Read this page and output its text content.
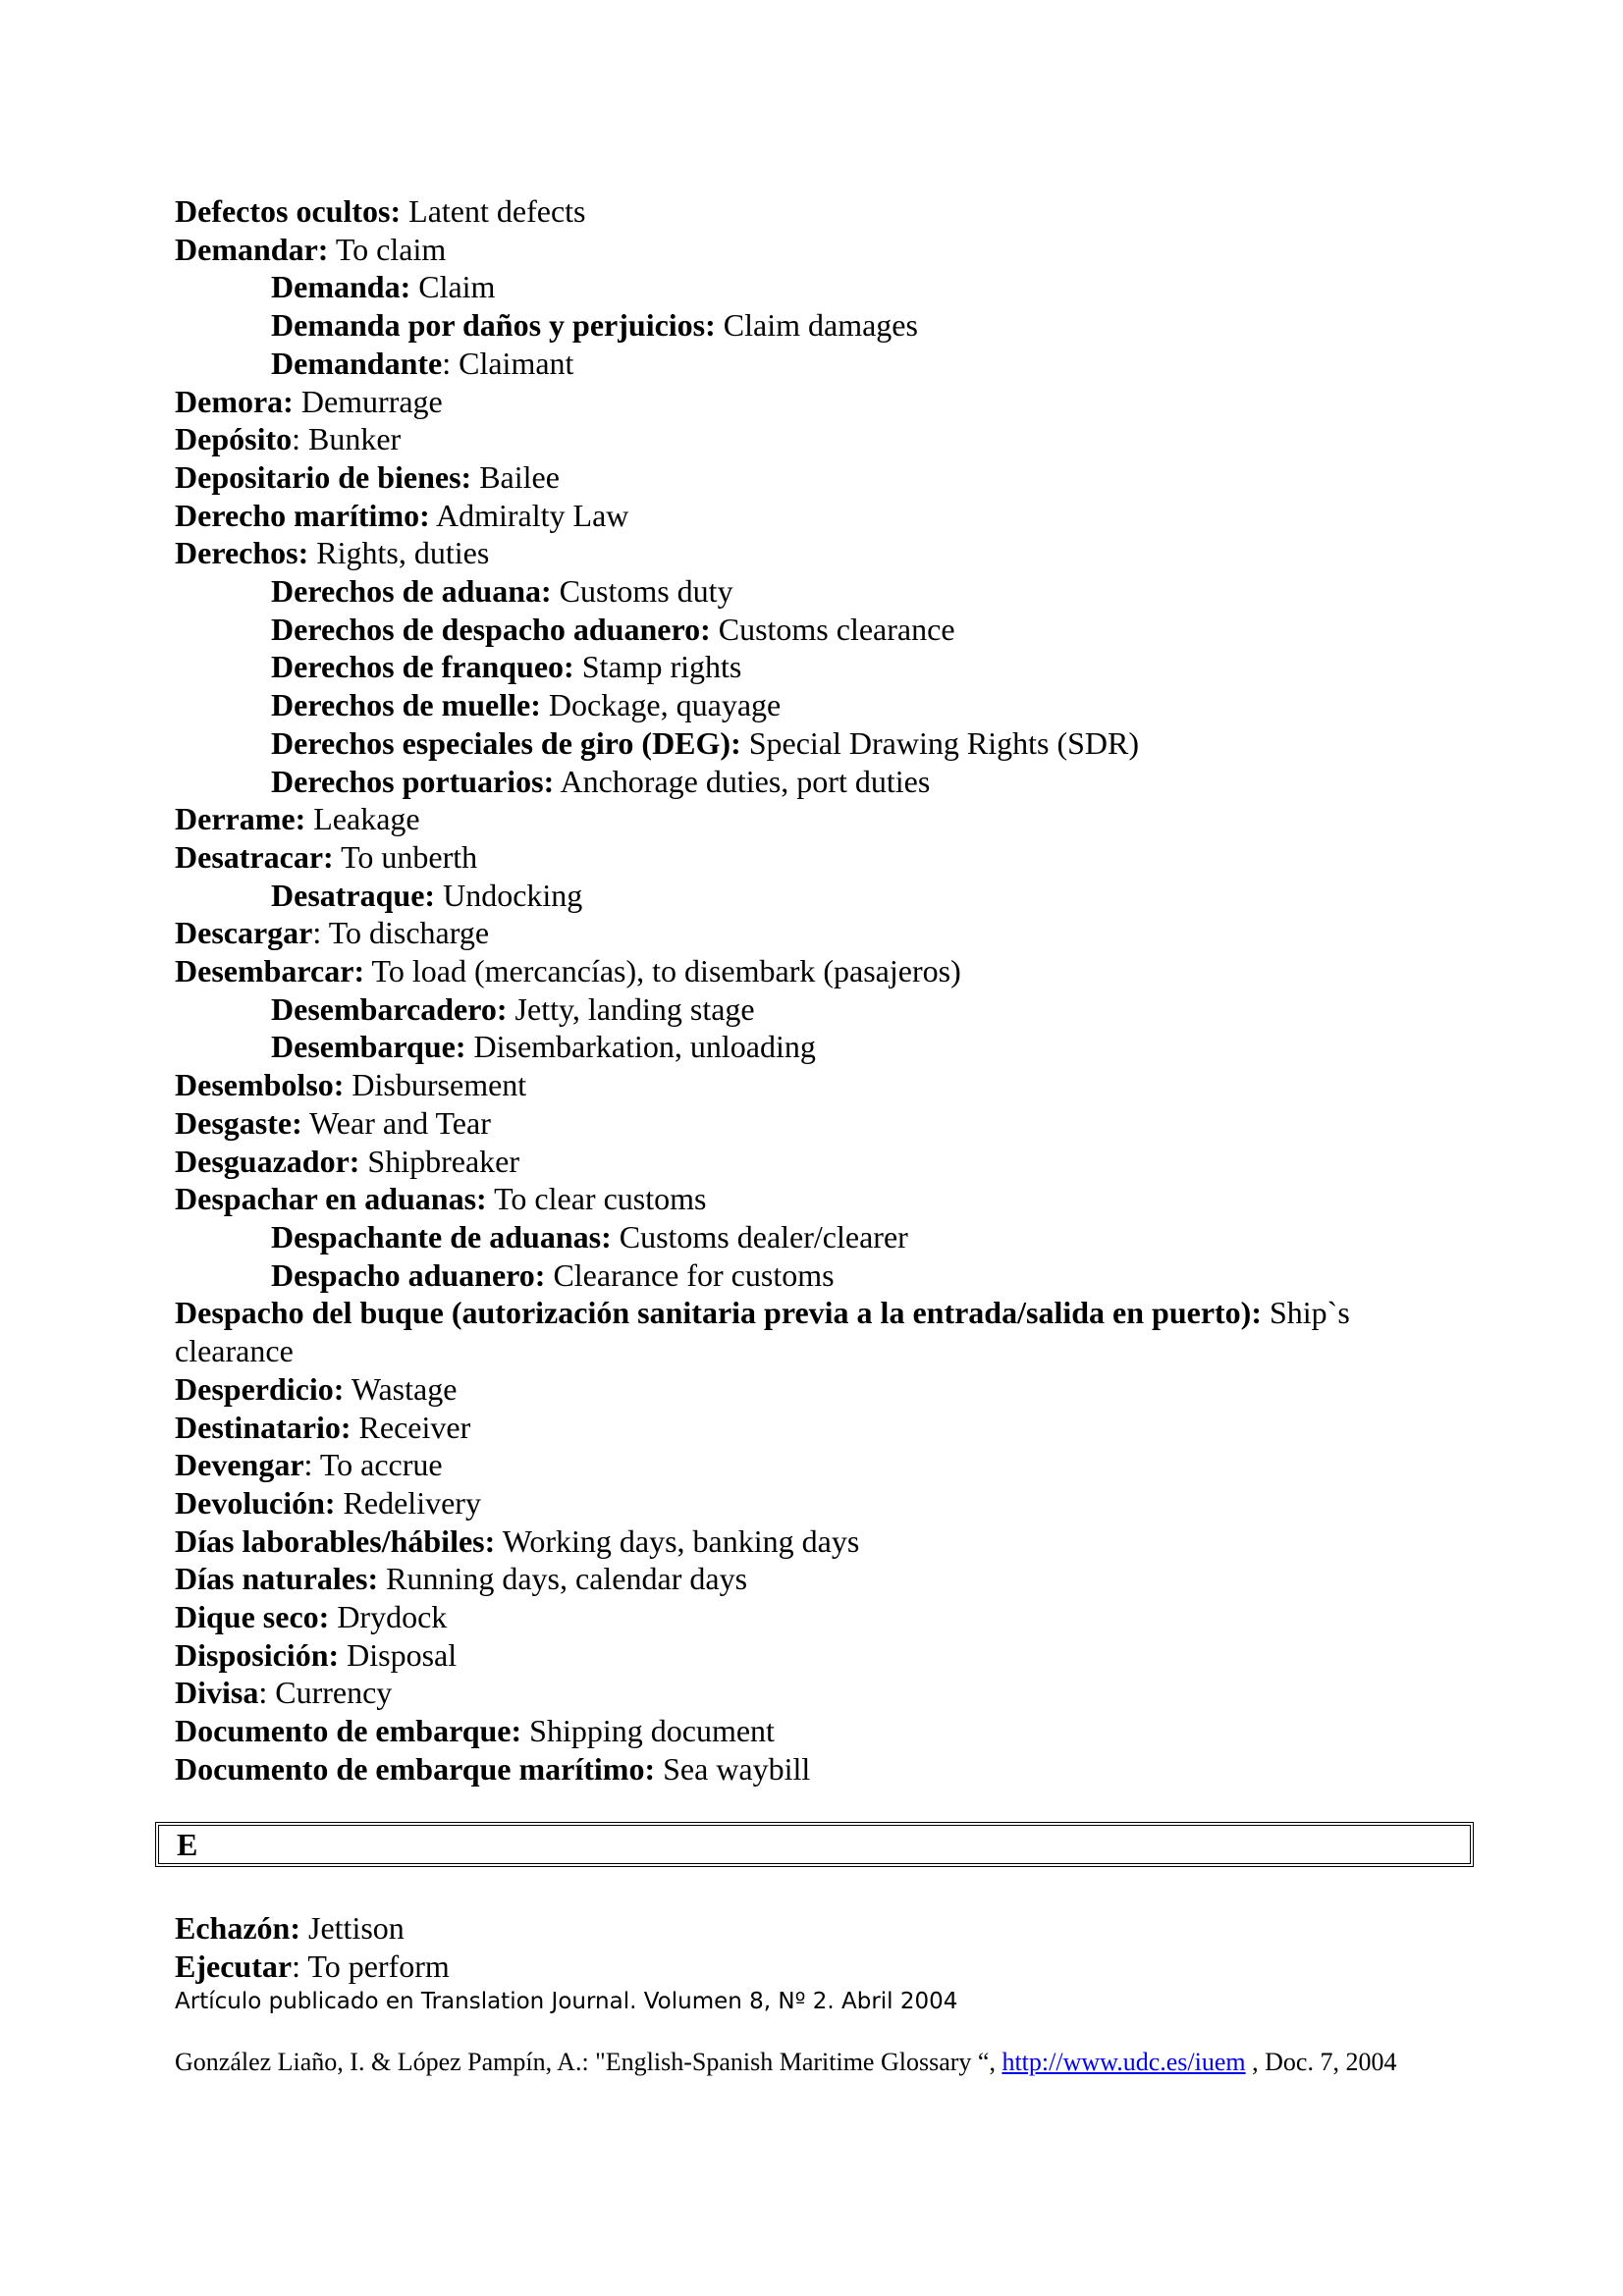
Defectos ocultos: Latent defects
Demandar: To claim
Demanda: Claim
Demanda por daños y perjuicios: Claim damages
Demandante: Claimant
Demora: Demurrage
Depósito: Bunker
Depositario de bienes: Bailee
Derecho marítimo: Admiralty Law
Derechos: Rights, duties
Derechos de aduana: Customs duty
Derechos de despacho aduanero: Customs clearance
Derechos de franqueo: Stamp rights
Derechos de muelle: Dockage, quayage
Derechos especiales de giro (DEG): Special Drawing Rights (SDR)
Derechos portuarios: Anchorage duties, port duties
Derrame: Leakage
Desatracar: To unberth
Desatraque: Undocking
Descargar: To discharge
Desembarcar: To load (mercancías), to disembark (pasajeros)
Desembarcadero: Jetty, landing stage
Desembarque: Disembarkation, unloading
Desembolso: Disbursement
Desgaste: Wear and Tear
Desguazador: Shipbreaker
Despachar en aduanas: To clear customs
Despachante de aduanas: Customs dealer/clearer
Despacho aduanero: Clearance for customs
Despacho del buque (autorización sanitaria previa a la entrada/salida en puerto): Ship`s clearance
Desperdicio: Wastage
Destinatario: Receiver
Devengar: To accrue
Devolución: Redelivery
Días laborables/hábiles: Working days, banking days
Días naturales: Running days, calendar days
Dique seco: Drydock
Disposición: Disposal
Divisa: Currency
Documento de embarque: Shipping document
Documento de embarque marítimo: Sea waybill
E
Echazón: Jettison
Ejecutar: To perform
Artículo publicado en Translation Journal. Volumen 8, Nº 2. Abril 2004
González Liaño, I. & López Pampín, A.: "English-Spanish Maritime Glossary “, http://www.udc.es/iuem , Doc. 7, 2004
